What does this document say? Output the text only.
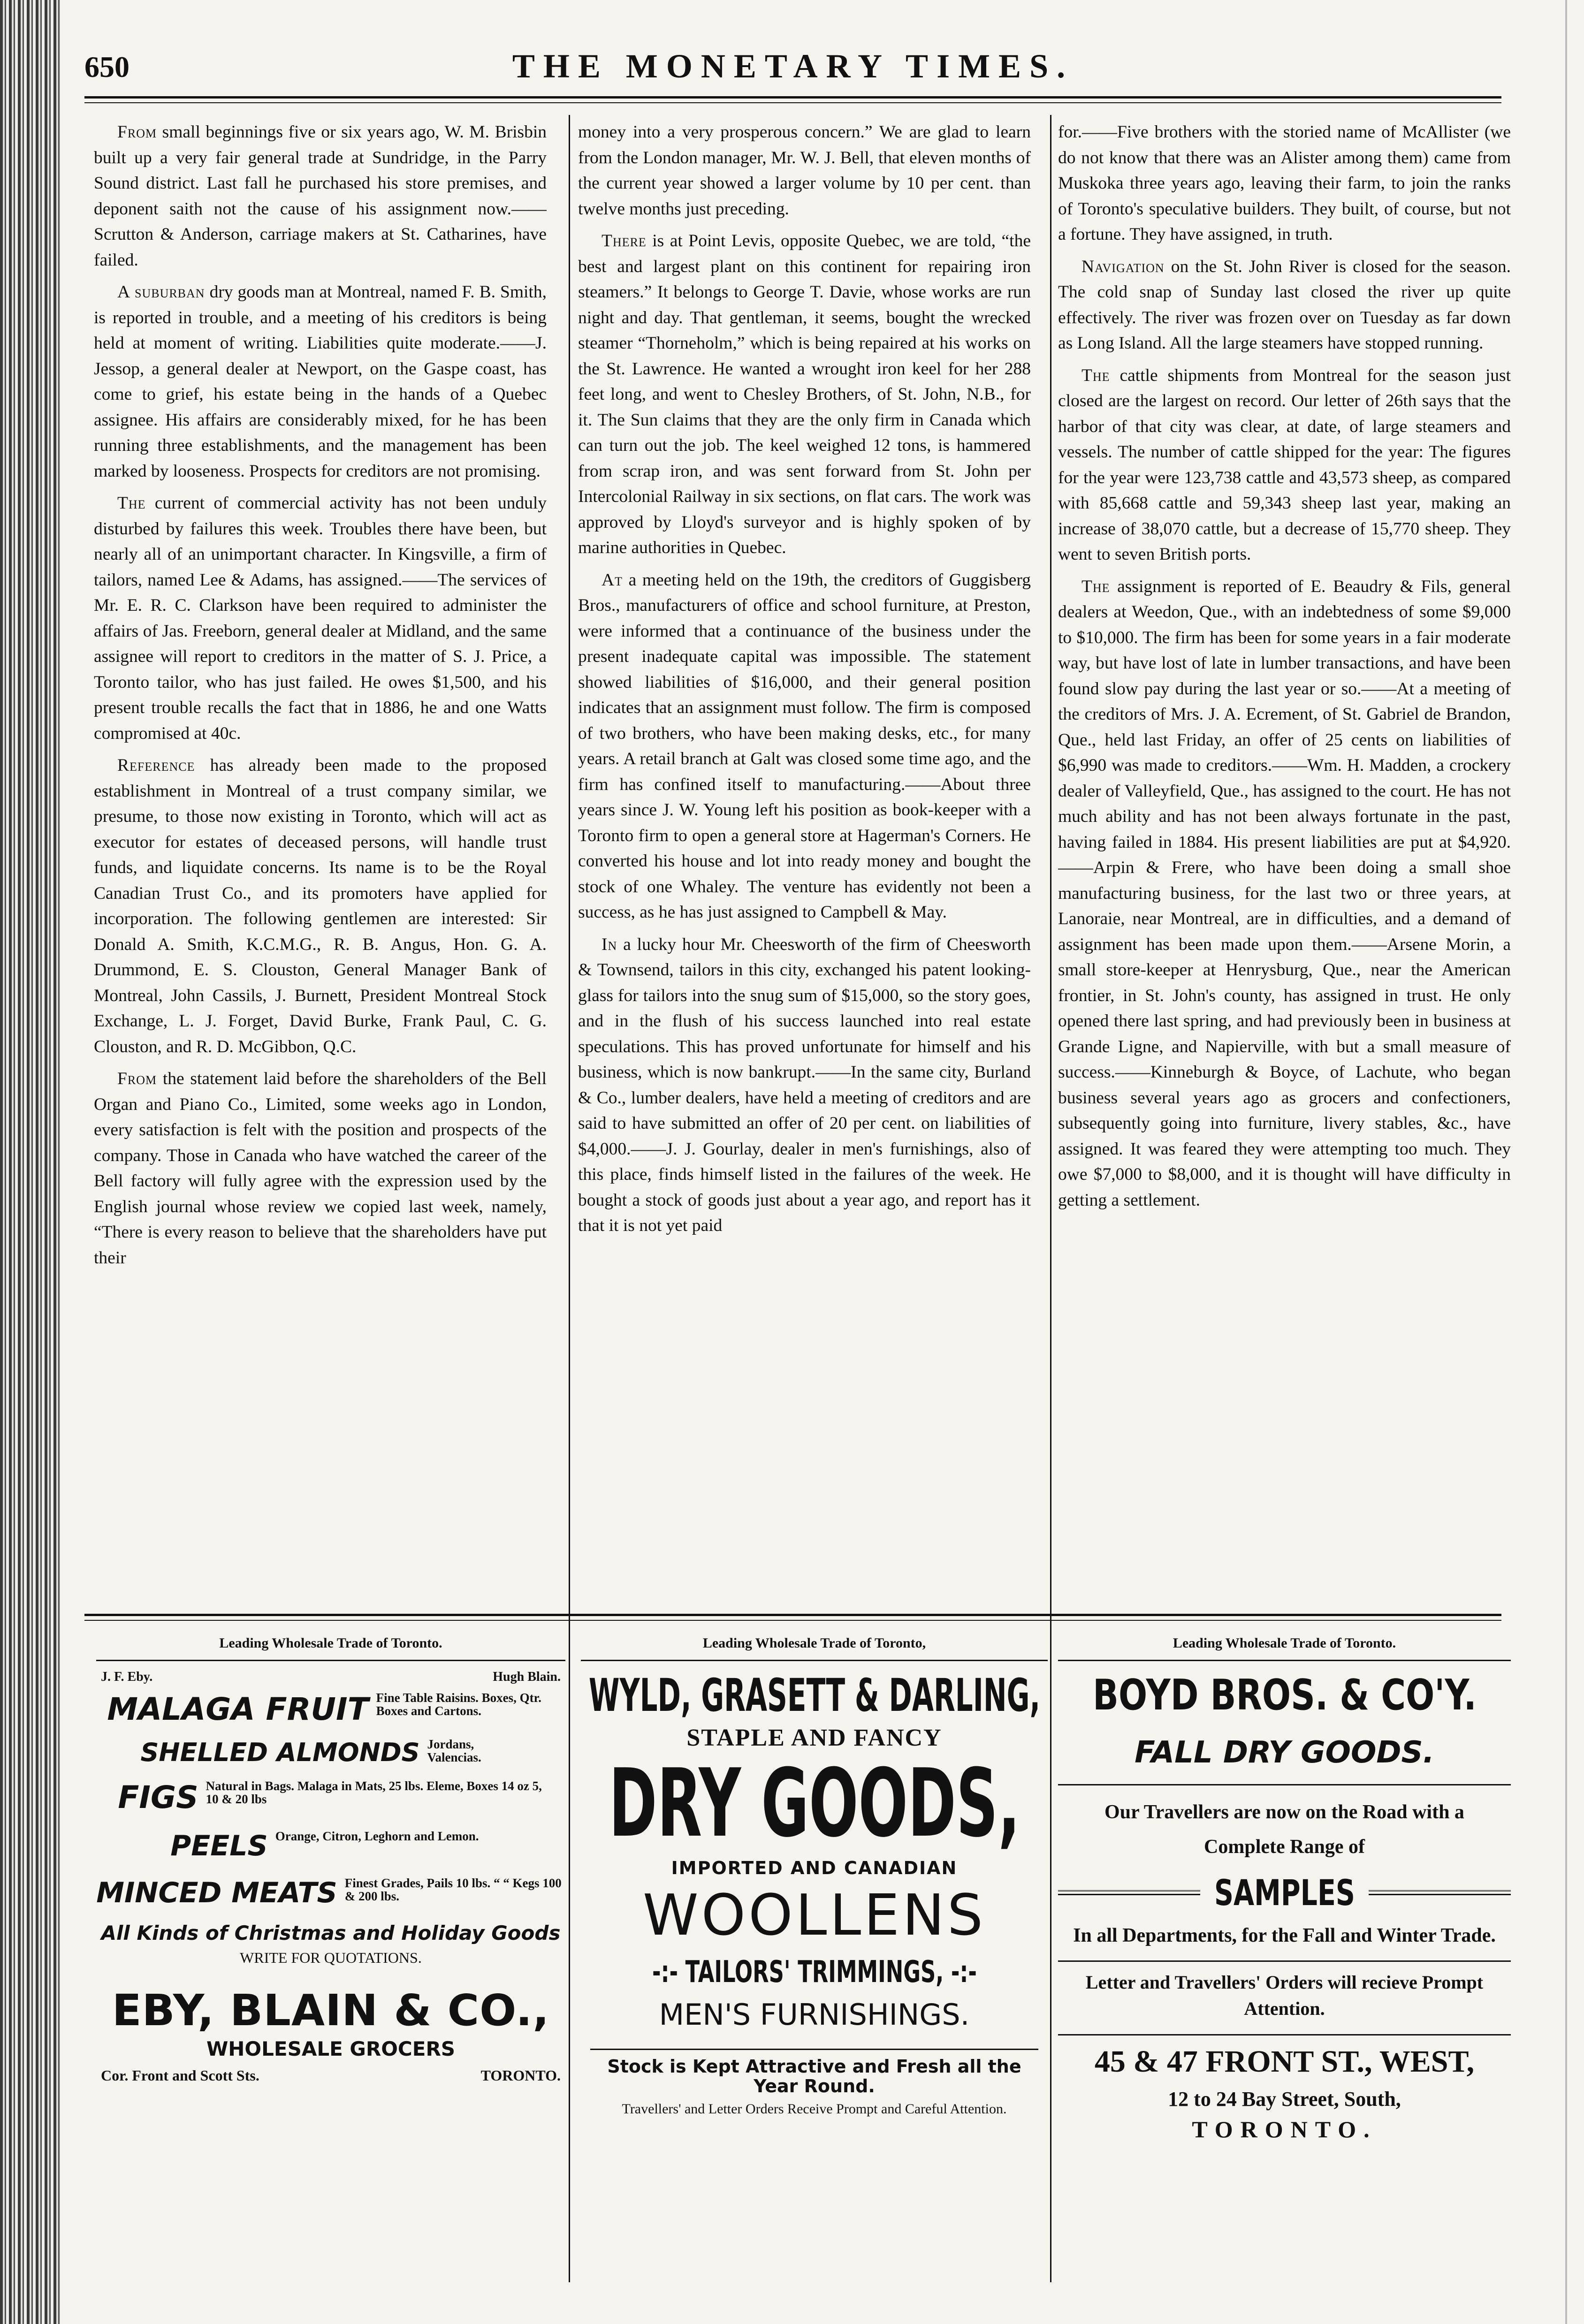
650	THE MONETARY TIMES.

From small beginnings five or six years ago, W. M. Brisbin built up a very fair general trade at Sundridge, in the Parry Sound district. Last fall he purchased his store premises, and deponent saith not the cause of his assignment now.——Scrutton & Anderson, carriage makers at St. Catharines, have failed.

A suburban dry goods man at Montreal, named F. B. Smith, is reported in trouble, and a meeting of his creditors is being held at moment of writing. Liabilities quite moderate.——J. Jessop, a general dealer at Newport, on the Gaspe coast, has come to grief, his estate being in the hands of a Quebec assignee. His affairs are considerably mixed, for he has been running three establishments, and the management has been marked by looseness. Prospects for creditors are not promising.

The current of commercial activity has not been unduly disturbed by failures this week. Troubles there have been, but nearly all of an unimportant character. In Kingsville, a firm of tailors, named Lee & Adams, has assigned.——The services of Mr. E. R. C. Clarkson have been required to administer the affairs of Jas. Freeborn, general dealer at Midland, and the same assignee will report to creditors in the matter of S. J. Price, a Toronto tailor, who has just failed. He owes $1,500, and his present trouble recalls the fact that in 1886, he and one Watts compromised at 40c.

Reference has already been made to the proposed establishment in Montreal of a trust company similar, we presume, to those now existing in Toronto, which will act as executor for estates of deceased persons, will handle trust funds, and liquidate concerns. Its name is to be the Royal Canadian Trust Co., and its promoters have applied for incorporation. The following gentlemen are interested: Sir Donald A. Smith, K.C.M.G., R. B. Angus, Hon. G. A. Drummond, E. S. Clouston, General Manager Bank of Montreal, John Cassils, J. Burnett, President Montreal Stock Exchange, L. J. Forget, David Burke, Frank Paul, C. G. Clouston, and R. D. McGibbon, Q.C.

From the statement laid before the shareholders of the Bell Organ and Piano Co., Limited, some weeks ago in London, every satisfaction is felt with the position and prospects of the company. Those in Canada who have watched the career of the Bell factory will fully agree with the expression used by the English journal whose review we copied last week, namely, “There is every reason to believe that the shareholders have put their

money into a very prosperous concern.” We are glad to learn from the London manager, Mr. W. J. Bell, that eleven months of the current year showed a larger volume by 10 per cent. than twelve months just preceding.

There is at Point Levis, opposite Quebec, we are told, “the best and largest plant on this continent for repairing iron steamers.” It belongs to George T. Davie, whose works are run night and day. That gentleman, it seems, bought the wrecked steamer “Thorneholm,” which is being repaired at his works on the St. Lawrence. He wanted a wrought iron keel for her 288 feet long, and went to Chesley Brothers, of St. John, N.B., for it. The Sun claims that they are the only firm in Canada which can turn out the job. The keel weighed 12 tons, is hammered from scrap iron, and was sent forward from St. John per Intercolonial Railway in six sections, on flat cars. The work was approved by Lloyd's surveyor and is highly spoken of by marine authorities in Quebec.

At a meeting held on the 19th, the creditors of Guggisberg Bros., manufacturers of office and school furniture, at Preston, were informed that a continuance of the business under the present inadequate capital was impossible. The statement showed liabilities of $16,000, and their general position indicates that an assignment must follow. The firm is composed of two brothers, who have been making desks, etc., for many years. A retail branch at Galt was closed some time ago, and the firm has confined itself to manufacturing.——About three years since J. W. Young left his position as book-keeper with a Toronto firm to open a general store at Hagerman's Corners. He converted his house and lot into ready money and bought the stock of one Whaley. The venture has evidently not been a success, as he has just assigned to Campbell & May.

In a lucky hour Mr. Cheesworth of the firm of Cheesworth & Townsend, tailors in this city, exchanged his patent looking-glass for tailors into the snug sum of $15,000, so the story goes, and in the flush of his success launched into real estate speculations. This has proved unfortunate for himself and his business, which is now bankrupt.——In the same city, Burland & Co., lumber dealers, have held a meeting of creditors and are said to have submitted an offer of 20 per cent. on liabilities of $4,000.——J. J. Gourlay, dealer in men's furnishings, also of this place, finds himself listed in the failures of the week. He bought a stock of goods just about a year ago, and report has it that it is not yet paid

for.——Five brothers with the storied name of McAllister (we do not know that there was an Alister among them) came from Muskoka three years ago, leaving their farm, to join the ranks of Toronto's speculative builders. They built, of course, but not a fortune. They have assigned, in truth.

Navigation on the St. John River is closed for the season. The cold snap of Sunday last closed the river up quite effectively. The river was frozen over on Tuesday as far down as Long Island. All the large steamers have stopped running.

The cattle shipments from Montreal for the season just closed are the largest on record. Our letter of 26th says that the harbor of that city was clear, at date, of large steamers and vessels. The number of cattle shipped for the year: The figures for the year were 123,738 cattle and 43,573 sheep, as compared with 85,668 cattle and 59,343 sheep last year, making an increase of 38,070 cattle, but a decrease of 15,770 sheep. They went to seven British ports.

The assignment is reported of E. Beaudry & Fils, general dealers at Weedon, Que., with an indebtedness of some $9,000 to $10,000. The firm has been for some years in a fair moderate way, but have lost of late in lumber transactions, and have been found slow pay during the last year or so.——At a meeting of the creditors of Mrs. J. A. Ecrement, of St. Gabriel de Brandon, Que., held last Friday, an offer of 25 cents on liabilities of $6,990 was made to creditors.——Wm. H. Madden, a crockery dealer of Valleyfield, Que., has assigned to the court. He has not much ability and has not been always fortunate in the past, having failed in 1884. His present liabilities are put at $4,920.——Arpin & Frere, who have been doing a small shoe manufacturing business, for the last two or three years, at Lanoraie, near Montreal, are in difficulties, and a demand of assignment has been made upon them.——Arsene Morin, a small store-keeper at Henrysburg, Que., near the American frontier, in St. John's county, has assigned in trust. He only opened there last spring, and had previously been in business at Grande Ligne, and Napierville, with but a small measure of success.——Kinneburgh & Boyce, of Lachute, who began business several years ago as grocers and confectioners, subsequently going into furniture, livery stables, &c., have assigned. It was feared they were attempting too much. They owe $7,000 to $8,000, and it is thought will have difficulty in getting a settlement.

Leading Wholesale Trade of Toronto.
J. F. Eby.	Hugh Blain.
MALAGA FRUIT Fine Table Raisins. Boxes, Qtr. Boxes and Cartons.
SHELLED ALMONDS Jordans, Valencias.
FIGS Natural in Bags. Malaga in Mats, 25 lbs. Eleme, Boxes 14 oz 5, 10 & 20 lbs
PEELS Orange, Citron, Leghorn and Lemon.
MINCED MEATS Finest Grades, Pails 10 lbs. “ “ Kegs 100 & 200 lbs.
All Kinds of Christmas and Holiday Goods
WRITE FOR QUOTATIONS.
EBY, BLAIN & CO.,
WHOLESALE GROCERS
Cor. Front and Scott Sts.	TORONTO.
Leading Wholesale Trade of Toronto,
WYLD, GRASETT & DARLING,
STAPLE AND FANCY
DRY GOODS,
IMPORTED AND CANADIAN
WOOLLENS
-:- TAILORS' TRIMMINGS, -:-
MEN'S FURNISHINGS.
Stock is Kept Attractive and Fresh all the Year Round.
Travellers' and Letter Orders Receive Prompt and Careful Attention.
Leading Wholesale Trade of Toronto.
BOYD BROS. & CO'Y.
FALL DRY GOODS.
Our Travellers are now on the Road with a Complete Range of
SAMPLES
In all Departments, for the Fall and Winter Trade.
Letter and Travellers' Orders will recieve Prompt Attention.
45 & 47 FRONT ST., WEST,
12 to 24 Bay Street, South,
TORONTO.
